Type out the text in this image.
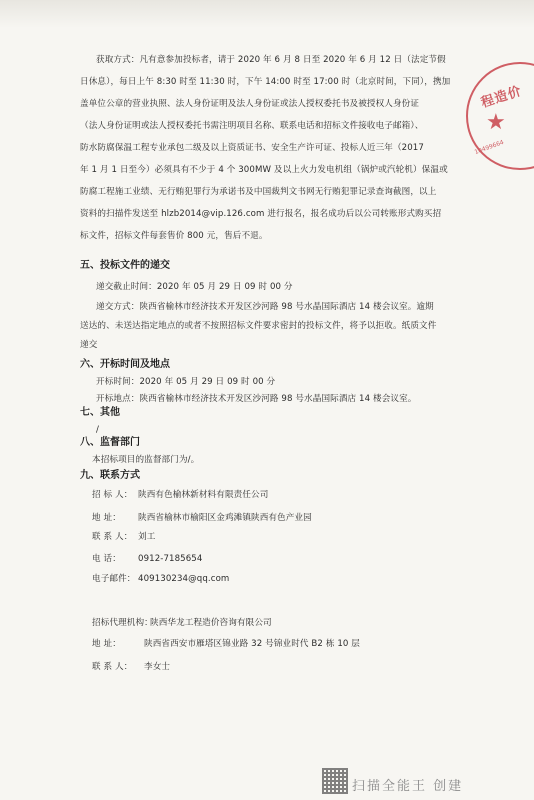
获取方式：凡有意参加投标者，请于 2020 年 6 月 8 日至 2020 年 6 月 12 日（法定节假
日休息），每日上午 8:30 时至 11:30 时，下午 14:00 时至 17:00 时（北京时间，下同），携加
盖单位公章的营业执照、法人身份证明及法人身份证或法人授权委托书及被授权人身份证
（法人身份证明或法人授权委托书需注明项目名称、联系电话和招标文件接收电子邮箱）、
防水防腐保温工程专业承包二级及以上资质证书、安全生产许可证、投标人近三年（2017
年 1 月 1 日至今）必须具有不少于 4 个 300MW 及以上火力发电机组（锅炉或汽轮机）保温或
防腐工程施工业绩、无行贿犯罪行为承诺书及中国裁判文书网无行贿犯罪记录查询截图，以上
资料的扫描件发送至 hlzb2014@vip.126.com 进行报名，报名成功后以公司转账形式购买招
标文件，招标文件每套售价 800 元，售后不退。
五、投标文件的递交
递交截止时间：2020 年 05 月 29 日 09 时 00 分
递交方式：陕西省榆林市经济技术开发区沙河路 98 号水晶国际酒店 14 楼会议室。逾期
送达的、未送达指定地点的或者不按照招标文件要求密封的投标文件，将予以拒收。纸质文件
递交
六、开标时间及地点
开标时间：2020 年 05 月 29 日 09 时 00 分
开标地点：陕西省榆林市经济技术开发区沙河路 98 号水晶国际酒店 14 楼会议室。
七、其他
/
八、监督部门
本招标项目的监督部门为/。
九、联系方式
招 标 人： 陕西有色榆林新材料有限责任公司
地 址： 陕西省榆林市榆阳区金鸡滩镇陕西有色产业园
联 系 人： 刘工
电 话： 0912-7185654
电子邮件： 409130234@qq.com
招标代理机构：
陕西华龙工程造价咨询有限公司
地 址：	陕西省西安市雁塔区锦业路 32 号锦业时代 B2 栋 10 层
联 系 人： 李女士
程造价
★
10499664
扫描全能王 创建
